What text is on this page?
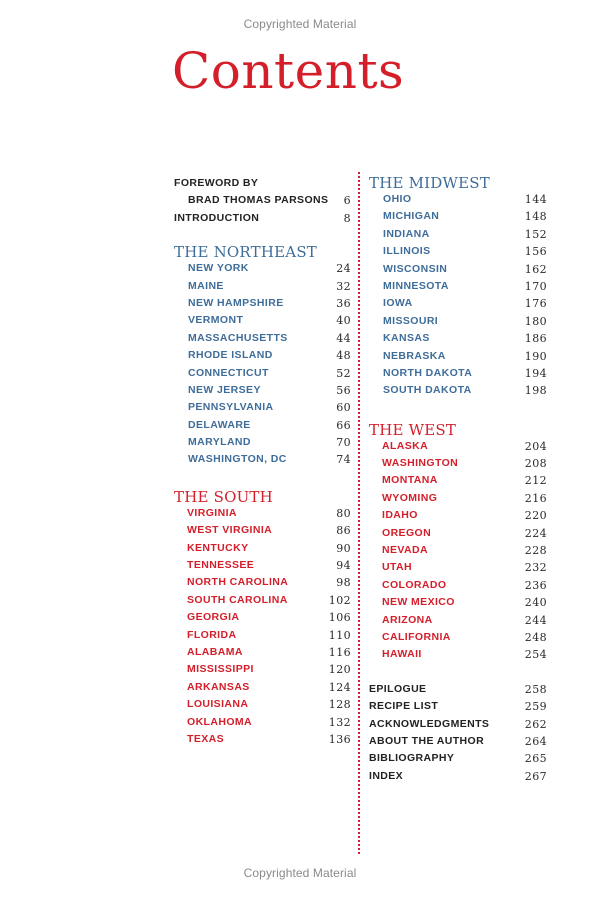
Copyrighted Material
Contents
FOREWORD BY
BRAD THOMAS PARSONS 6
INTRODUCTION	8
THE NORTHEAST
NEW YORK	24
MAINE	32
NEW HAMPSHIRE	36
VERMONT	40
MASSACHUSETTS	44
RHODE ISLAND	48
CONNECTICUT	52
NEW JERSEY	56
PENNSYLVANIA	60
DELAWARE	66
MARYLAND	70
WASHINGTON, DC	74
THE SOUTH
VIRGINIA	80
WEST VIRGINIA	86
KENTUCKY	90
TENNESSEE	94
NORTH CAROLINA	98
SOUTH CAROLINA	102
GEORGIA	106
FLORIDA	110
ALABAMA	116
MISSISSIPPI	120
ARKANSAS	124
LOUISIANA	128
OKLAHOMA	132
TEXAS	136
THE MIDWEST
OHIO	144
MICHIGAN	148
INDIANA	152
ILLINOIS	156
WISCONSIN	162
MINNESOTA	170
IOWA	176
MISSOURI	180
KANSAS	186
NEBRASKA	190
NORTH DAKOTA	194
SOUTH DAKOTA	198
THE WEST
ALASKA	204
WASHINGTON	208
MONTANA	212
WYOMING	216
IDAHO	220
OREGON	224
NEVADA	228
UTAH	232
COLORADO	236
NEW MEXICO	240
ARIZONA	244
CALIFORNIA	248
HAWAII	254
EPILOGUE	258
RECIPE LIST	259
ACKNOWLEDGMENTS	262
ABOUT THE AUTHOR	264
BIBLIOGRAPHY	265
INDEX	267
Copyrighted Material
